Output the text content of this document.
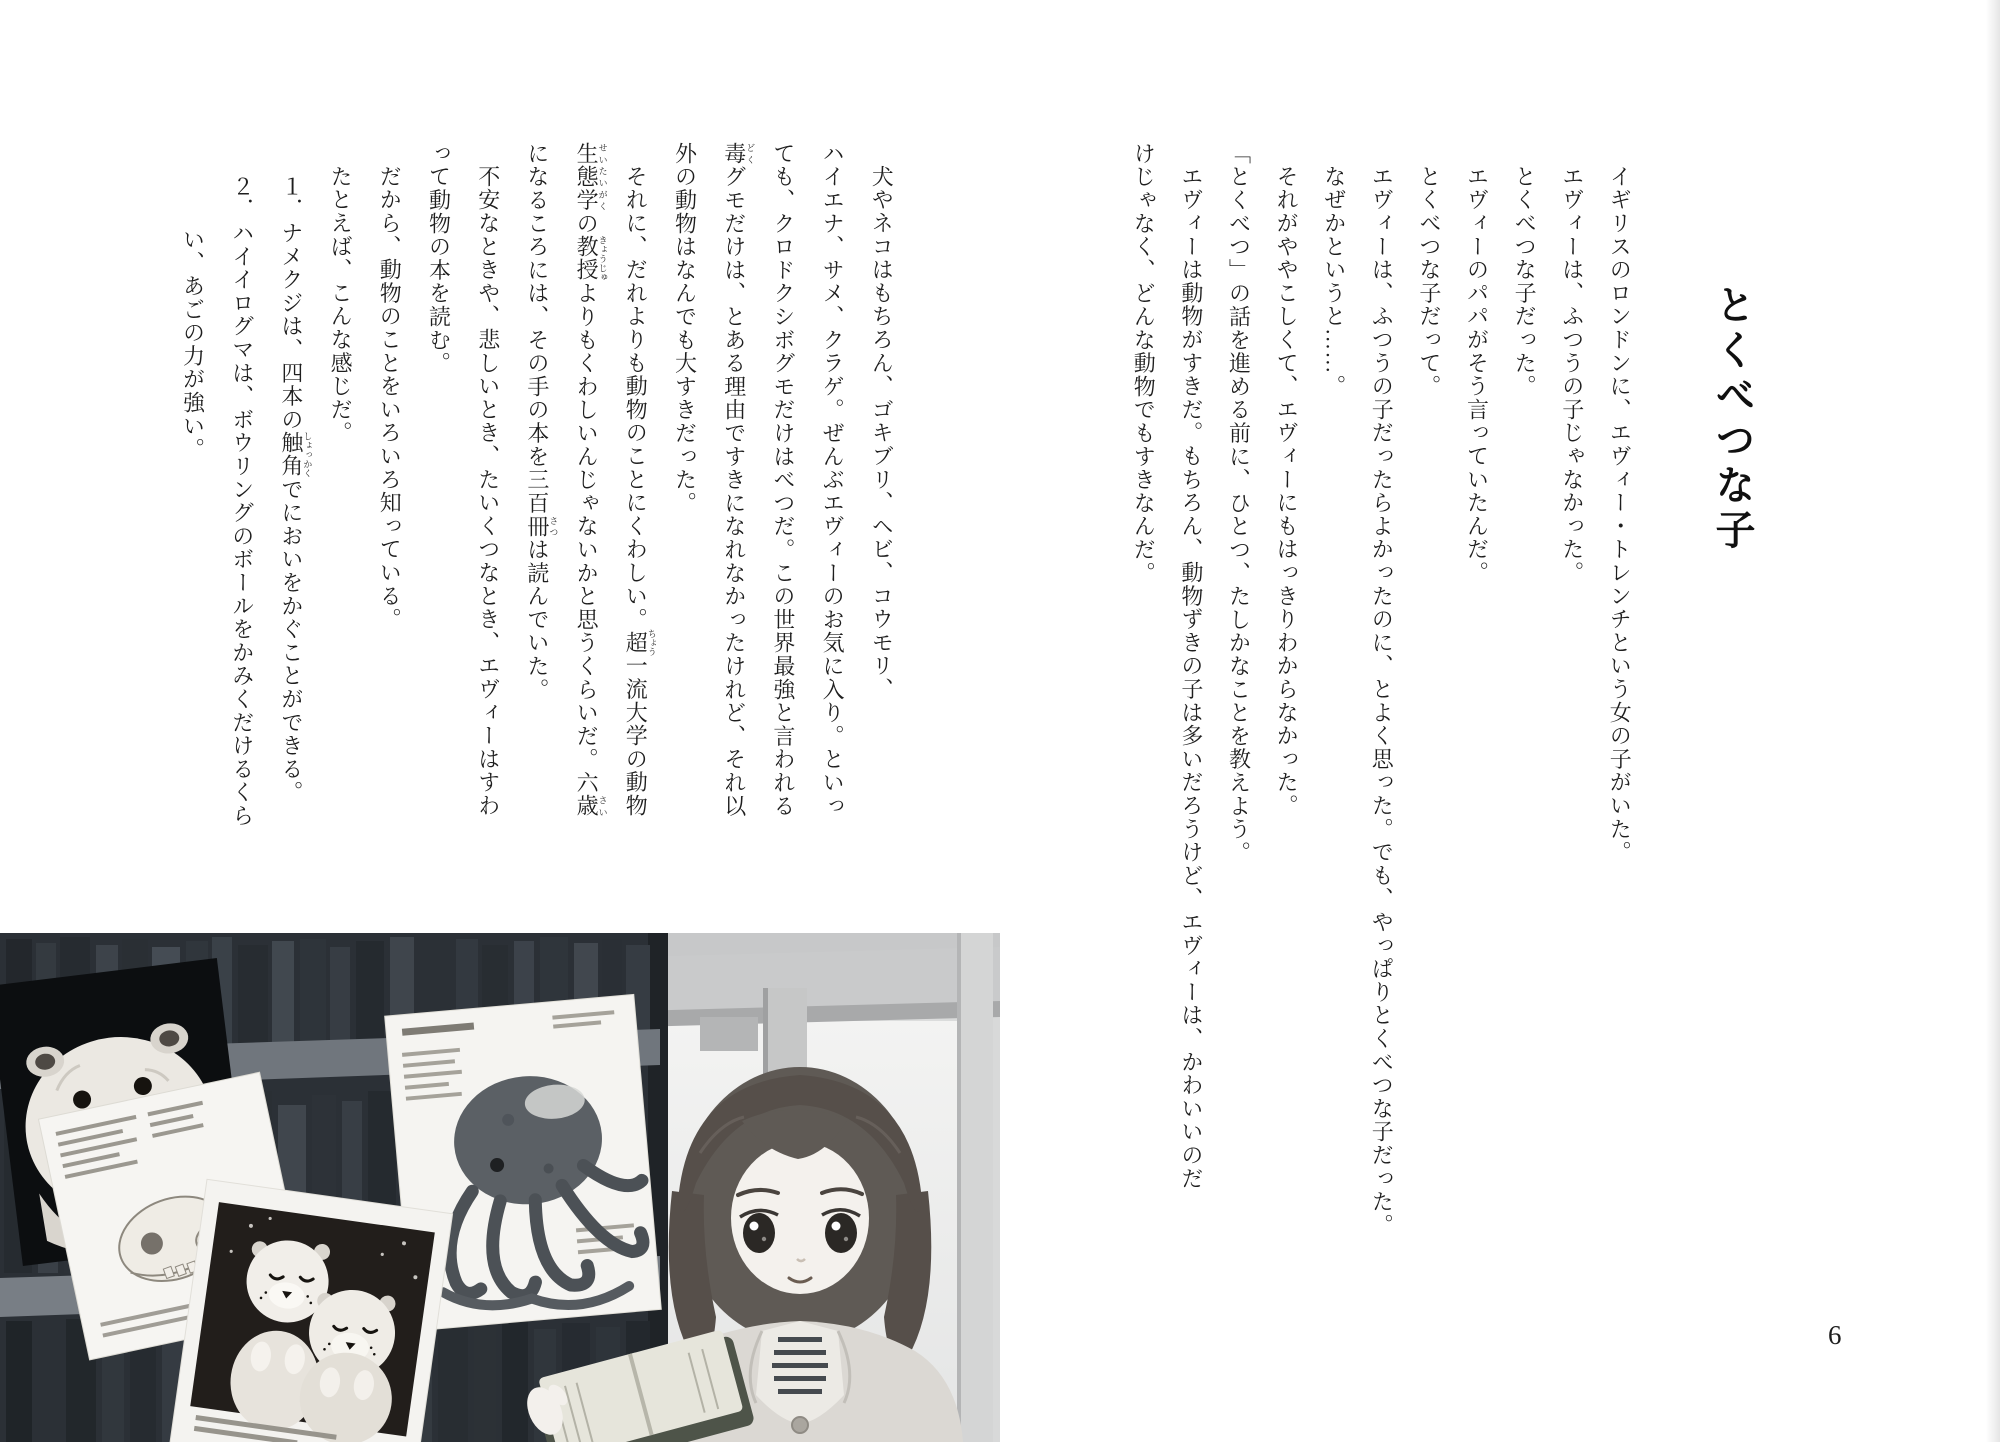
とくべつな子
イギリスのロンドンに、エヴィー・トレンチという女の子がいた。
エヴィーは、ふつうの子じゃなかった。
とくべつな子だった。
エヴィーのパパがそう言っていたんだ。
とくべつな子だって。
エヴィーは、ふつうの子だったらよかったのに、とよく思った。でも、やっぱりとくべつな子だった。
なぜかというと……。
それがややこしくて、エヴィーにもはっきりわからなかった。
「とくべつ」の話を進める前に、ひとつ、たしかなことを教えよう。
エヴィーは動物がすきだ。もちろん、動物ずきの子は多いだろうけど、エヴィーは、かわいいのだ
けじゃなく、どんな動物でもすきなんだ。
犬やネコはもちろん、ゴキブリ、ヘビ、コウモリ、
ハイエナ、サメ、クラゲ。ぜんぶエヴィーのお気に入り。といっ
ても、クロドクシボグモだけはべつだ。この世界最強と言われる
毒どくグモだけは、とある理由ですきになれなかったけれど、それ以
外の動物はなんでも大すきだった。
それに、だれよりも動物のことにくわしい。超ちょう一流大学の動物
生態学せいたいがくの教授きょうじゅよりもくわしいんじゃないかと思うくらいだ。六歳さい
になるころには、その手の本を三百冊さつは読んでいた。
不安なときや、悲しいとき、たいくつなとき、エヴィーはすわ
って動物の本を読む。
だから、動物のことをいろいろ知っている。
たとえば、こんな感じだ。
１．ナメクジは、四本の触角しょっかくでにおいをかぐことができる。
２．ハイイログマは、ボウリングのボールをかみくだけるくら
い、あごの力が強い。
6
